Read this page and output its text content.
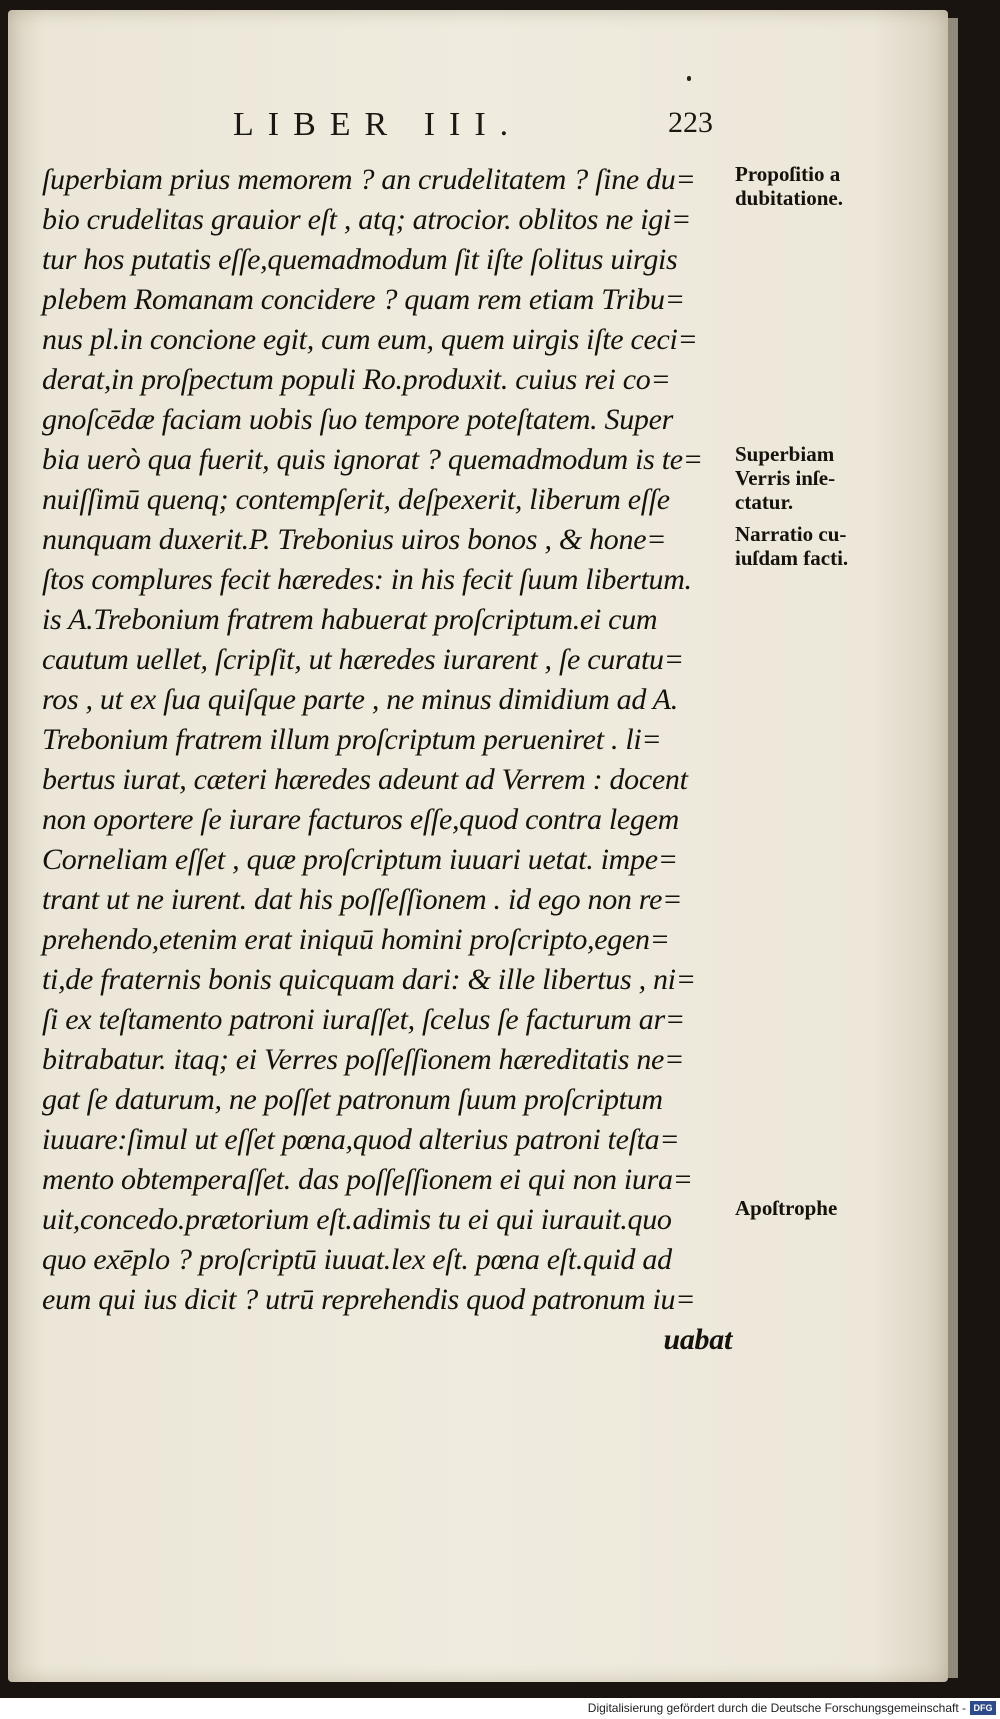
LIBER III.	223
ſuperbiam prius memorem ? an crudelitatem ? ſine du=
bio crudelitas grauior eſt , atq; atrocior. oblitos ne igi=
tur hos putatis eſſe,quemadmodum ſit iſte ſolitus uirgis
plebem Romanam concidere ? quam rem etiam Tribu=
nus pl.in concione egit, cum eum, quem uirgis iſte ceci=
derat,in proſpectum populi Ro.produxit. cuius rei co=
gnoſcēdæ faciam uobis ſuo tempore poteſtatem. Super
bia uerò qua fuerit, quis ignorat ? quemadmodum is te=
nuiſſimū quenq; contempſerit, deſpexerit, liberum eſſe
nunquam duxerit.P. Trebonius uiros bonos , & hone=
ſtos complures fecit hæredes: in his fecit ſuum libertum.
is A.Trebonium fratrem habuerat proſcriptum.ei cum
cautum uellet, ſcripſit, ut hæredes iurarent , ſe curatu=
ros , ut ex ſua quiſque parte , ne minus dimidium ad A.
Trebonium fratrem illum proſcriptum perueniret . li=
bertus iurat, cæteri hæredes adeunt ad Verrem : docent
non oportere ſe iurare facturos eſſe,quod contra legem
Corneliam eſſet , quæ proſcriptum iuuari uetat. impe=
trant ut ne iurent. dat his poſſeſſionem . id ego non re=
prehendo,etenim erat iniquū homini proſcripto,egen=
ti,de fraternis bonis quicquam dari: & ille libertus , ni=
ſi ex teſtamento patroni iuraſſet, ſcelus ſe facturum ar=
bitrabatur. itaq; ei Verres poſſeſſionem hæreditatis ne=
gat ſe daturum, ne poſſet patronum ſuum proſcriptum
iuuare:ſimul ut eſſet pœna,quod alterius patroni teſta=
mento obtemperaſſet. das poſſeſſionem ei qui non iura=
uit,concedo.prætorium eſt.adimis tu ei qui iurauit.quo
quo exēplo ? proſcriptū iuuat.lex eſt. pœna eſt.quid ad
eum qui ius dicit ? utrū reprehendis quod patronum iu=
uabat
Propoſitio a
dubitatione.
Superbiam
Verris inſe-
ctatur.
Narratio cu-
iuſdam facti.
Apoſtrophe
Digitalisierung gefördert durch die Deutsche Forschungsgemeinschaft - DFG
